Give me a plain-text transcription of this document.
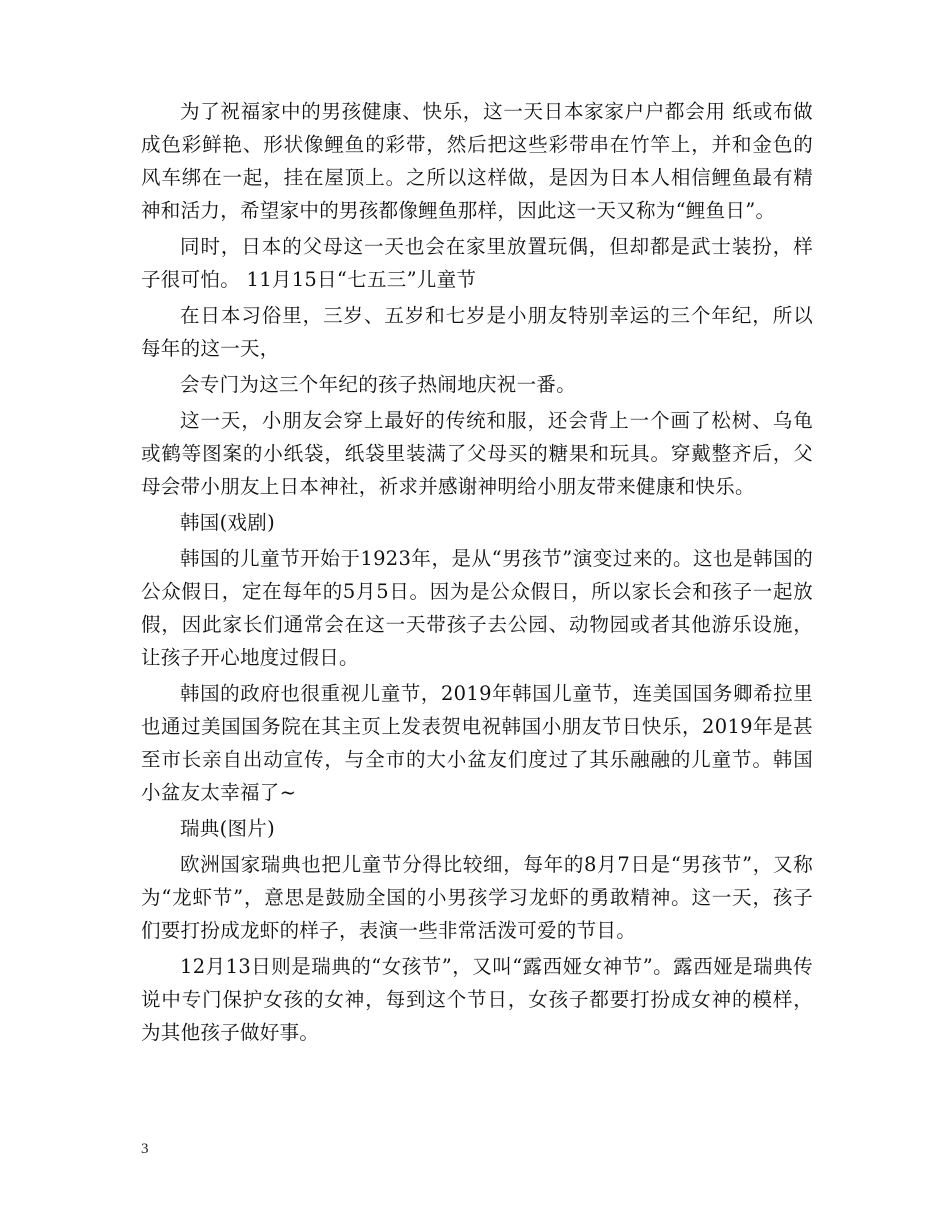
为了祝福家中的男孩健康、快乐，这一天日本家家户户都会用 纸或布做成色彩鲜艳、形状像鲤鱼的彩带，然后把这些彩带串在竹竿上，并和金色的风车绑在一起，挂在屋顶上。之所以这样做，是因为日本人相信鲤鱼最有精神和活力，希望家中的男孩都像鲤鱼那样，因此这一天又称为“鲤鱼日”。

同时，日本的父母这一天也会在家里放置玩偶，但却都是武士装扮，样子很可怕。 11月15日“七五三”儿童节

在日本习俗里，三岁、五岁和七岁是小朋友特别幸运的三个年纪，所以每年的这一天，

会专门为这三个年纪的孩子热闹地庆祝一番。

这一天，小朋友会穿上最好的传统和服，还会背上一个画了松树、乌龟或鹤等图案的小纸袋，纸袋里装满了父母买的糖果和玩具。穿戴整齐后，父母会带小朋友上日本神社，祈求并感谢神明给小朋友带来健康和快乐。

韩国(戏剧)

韩国的儿童节开始于1923年，是从“男孩节”演变过来的。这也是韩国的公众假日，定在每年的5月5日。因为是公众假日，所以家长会和孩子一起放假，因此家长们通常会在这一天带孩子去公园、动物园或者其他游乐设施，让孩子开心地度过假日。

韩国的政府也很重视儿童节，2019年韩国儿童节，连美国国务卿希拉里也通过美国国务院在其主页上发表贺电祝韩国小朋友节日快乐，2019年是甚至市长亲自出动宣传，与全市的大小盆友们度过了其乐融融的儿童节。韩国小盆友太幸福了~

瑞典(图片)

欧洲国家瑞典也把儿童节分得比较细，每年的8月7日是“男孩节”，又称为“龙虾节”，意思是鼓励全国的小男孩学习龙虾的勇敢精神。这一天，孩子们要打扮成龙虾的样子，表演一些非常活泼可爱的节目。

12月13日则是瑞典的“女孩节”，又叫“露西娅女神节”。露西娅是瑞典传说中专门保护女孩的女神，每到这个节日，女孩子都要打扮成女神的模样，为其他孩子做好事。

3
